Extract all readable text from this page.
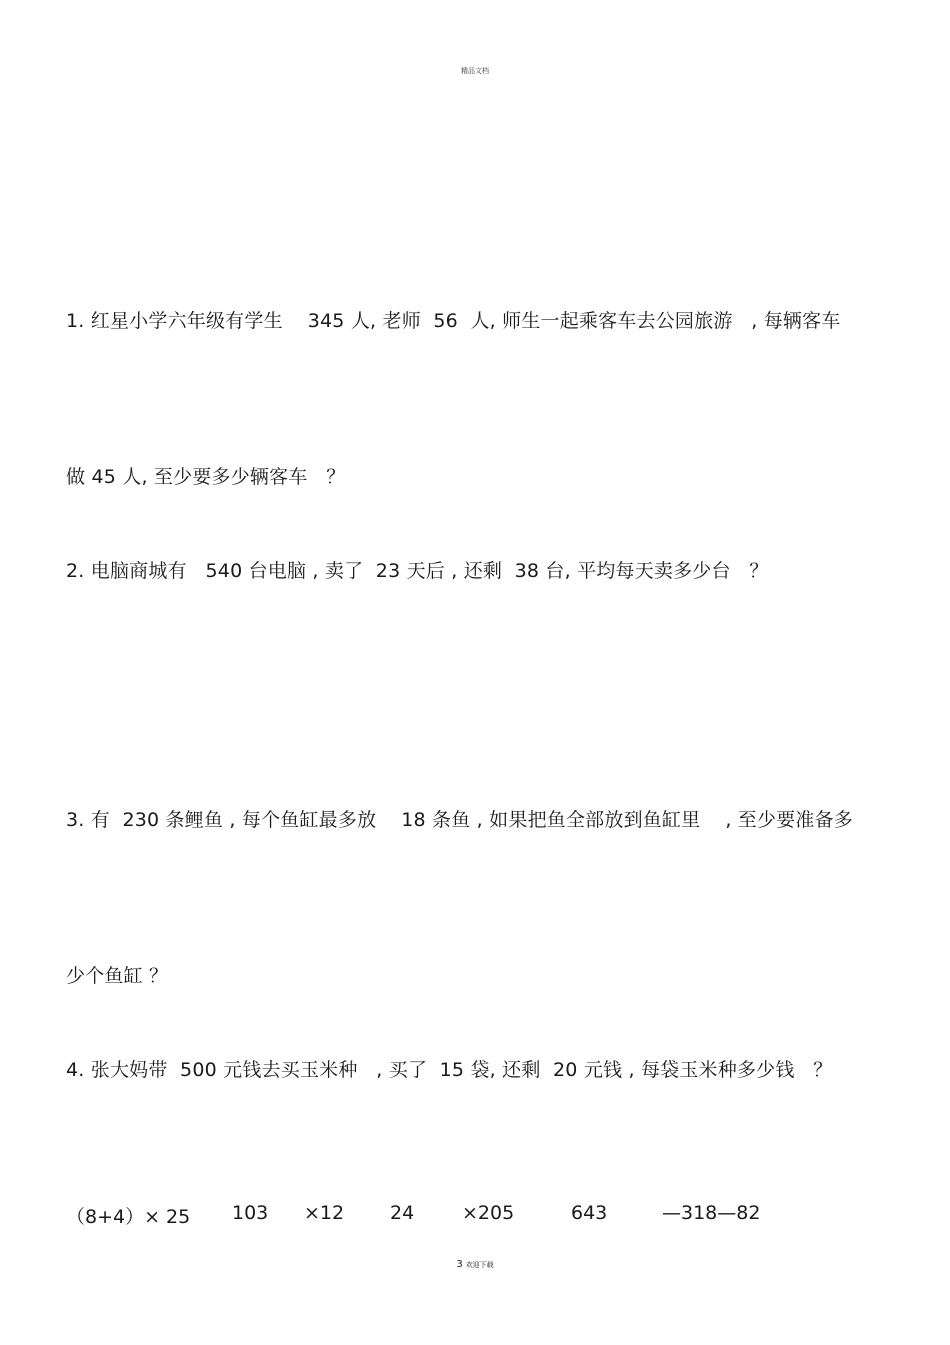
精品文档

1. 红星小学六年级有学生    345 人, 老师  56  人, 师生一起乘客车去公园旅游   , 每辆客车

做 45 人, 至少要多少辆客车   ？

2. 电脑商城有   540 台电脑 , 卖了  23 天后 , 还剩  38 台, 平均每天卖多少台   ？

3. 有  230 条鲤鱼 , 每个鱼缸最多放    18 条鱼 , 如果把鱼全部放到鱼缸里    , 至少要准备多

少个鱼缸 ？

4. 张大妈带  500 元钱去买玉米种   , 买了  15 袋, 还剩  20 元钱 , 每袋玉米种多少钱   ？

（8+4）× 25 103 ×12 24	×205	643	—318—82
3 欢迎下载
